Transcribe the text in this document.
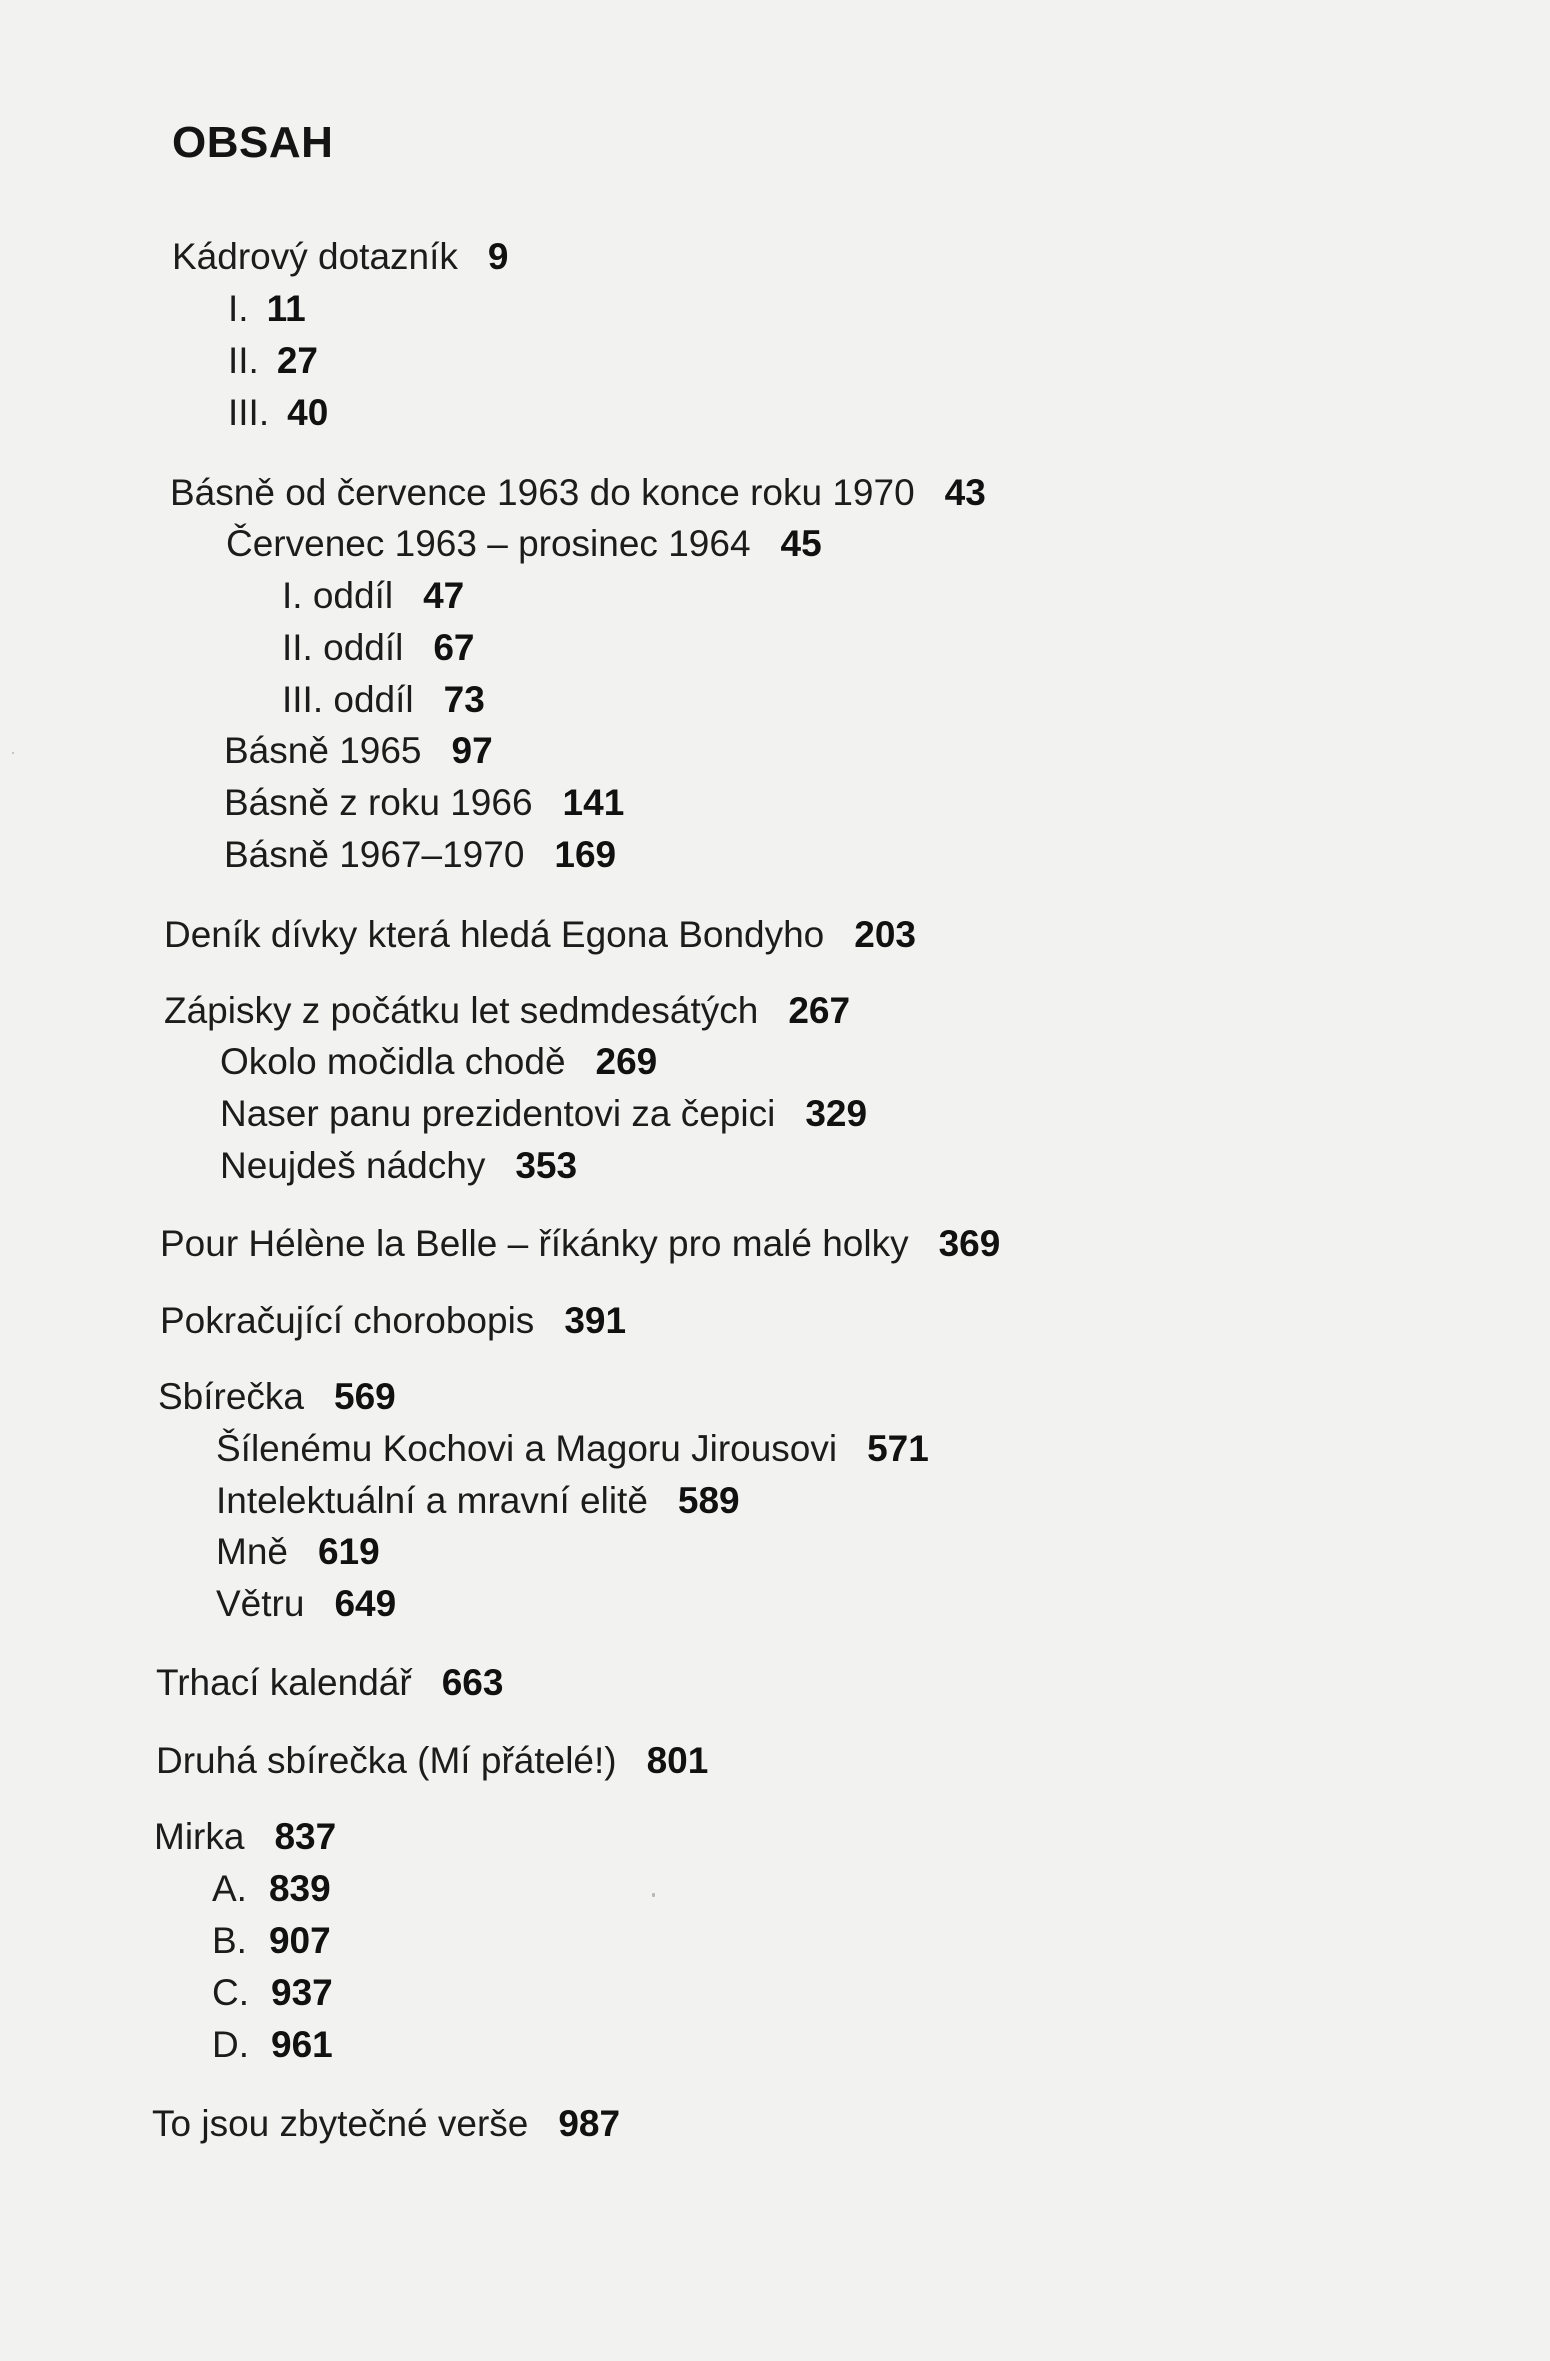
OBSAH
Kádrový dotazník 9
I. 11
II. 27
III. 40
Básně od července 1963 do konce roku 1970 43
Červenec 1963 – prosinec 1964 45
I. oddíl 47
II. oddíl 67
III. oddíl 73
Básně 1965 97
Básně z roku 1966 141
Básně 1967–1970 169
Deník dívky která hledá Egona Bondyho 203
Zápisky z počátku let sedmdesátých 267
Okolo močidla chodě 269
Naser panu prezidentovi za čepici 329
Neujdeš nádchy 353
Pour Hélène la Belle – říkánky pro malé holky 369
Pokračující chorobopis 391
Sbírečka 569
Šílenému Kochovi a Magoru Jirousovi 571
Intelektuální a mravní elitě 589
Mně 619
Větru 649
Trhací kalendář 663
Druhá sbírečka (Mí přátelé!) 801
Mirka 837
A. 839
B. 907
C. 937
D. 961
To jsou zbytečné verše 987
